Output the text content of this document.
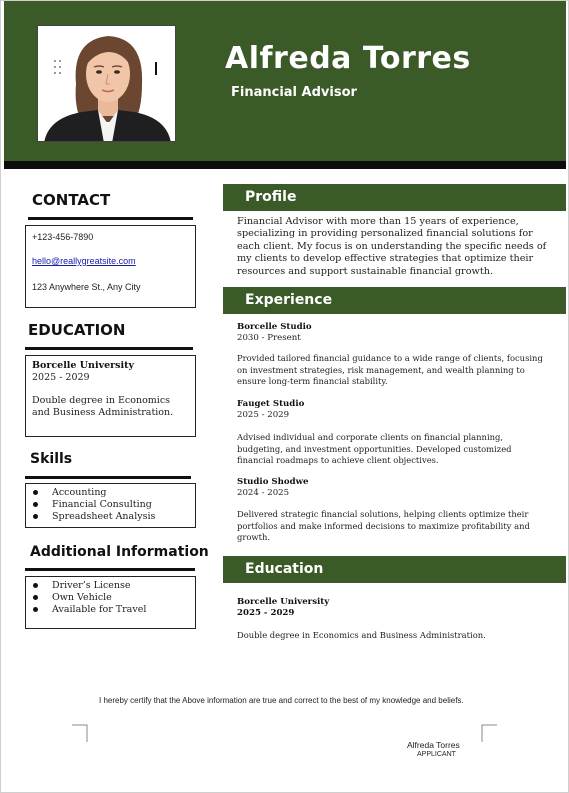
Alfreda Torres
Financial Advisor
CONTACT
+123-456-7890
hello@reallygreatsite.com
123 Anywhere St., Any City
EDUCATION
Borcelle University
2025 - 2029
Double degree in Economics
and Business Administration.
Skills
Accounting
Financial Consulting
Spreadsheet Analysis
Additional Information
Driver’s License
Own Vehicle
Available for Travel
Profile
Financial Advisor with more than 15 years of experience, specializing in providing personalized financial solutions for each client. My focus is on understanding the specific needs of my clients to develop effective strategies that optimize their resources and support sustainable financial growth.
Experience
Borcelle Studio
2030 - Present
Provided tailored financial guidance to a wide range of clients, focusing on investment strategies, risk management, and wealth planning to ensure long-term financial stability.
Fauget Studio
2025 - 2029
Advised individual and corporate clients on financial planning, budgeting, and investment opportunities. Developed customized financial roadmaps to achieve client objectives.
Studio Shodwe
2024 - 2025
Delivered strategic financial solutions, helping clients optimize their portfolios and make informed decisions to maximize profitability and growth.
Education
Borcelle University
2025 - 2029
Double degree in Economics and Business Administration.
I hereby certify that the Above information are true and correct to the best of my knowledge and beliefs.
Alfreda Torres
APPLICANT
